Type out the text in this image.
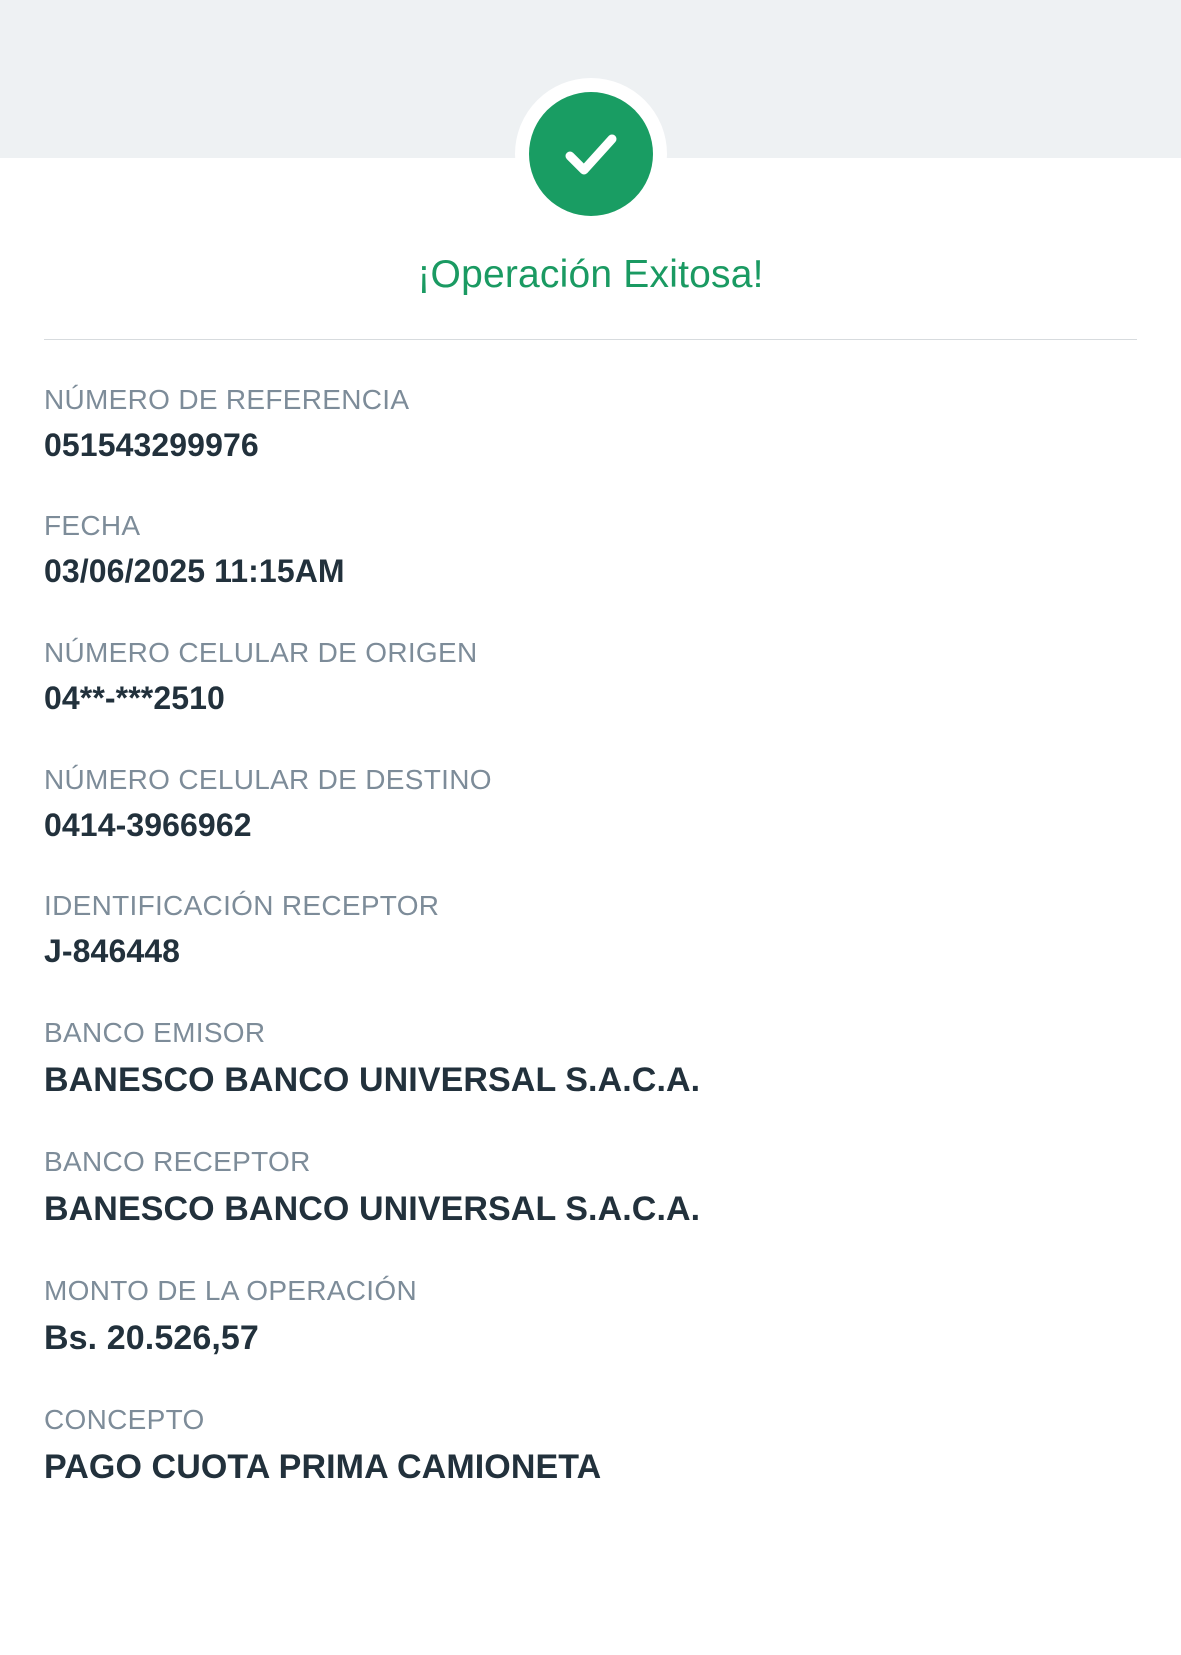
¡Operación Exitosa!
NÚMERO DE REFERENCIA
051543299976
FECHA
03/06/2025 11:15AM
NÚMERO CELULAR DE ORIGEN
04**-***2510
NÚMERO CELULAR DE DESTINO
0414-3966962
IDENTIFICACIÓN RECEPTOR
J-846448
BANCO EMISOR
BANESCO BANCO UNIVERSAL S.A.C.A.
BANCO RECEPTOR
BANESCO BANCO UNIVERSAL S.A.C.A.
MONTO DE LA OPERACIÓN
Bs. 20.526,57
CONCEPTO
PAGO CUOTA PRIMA CAMIONETA
